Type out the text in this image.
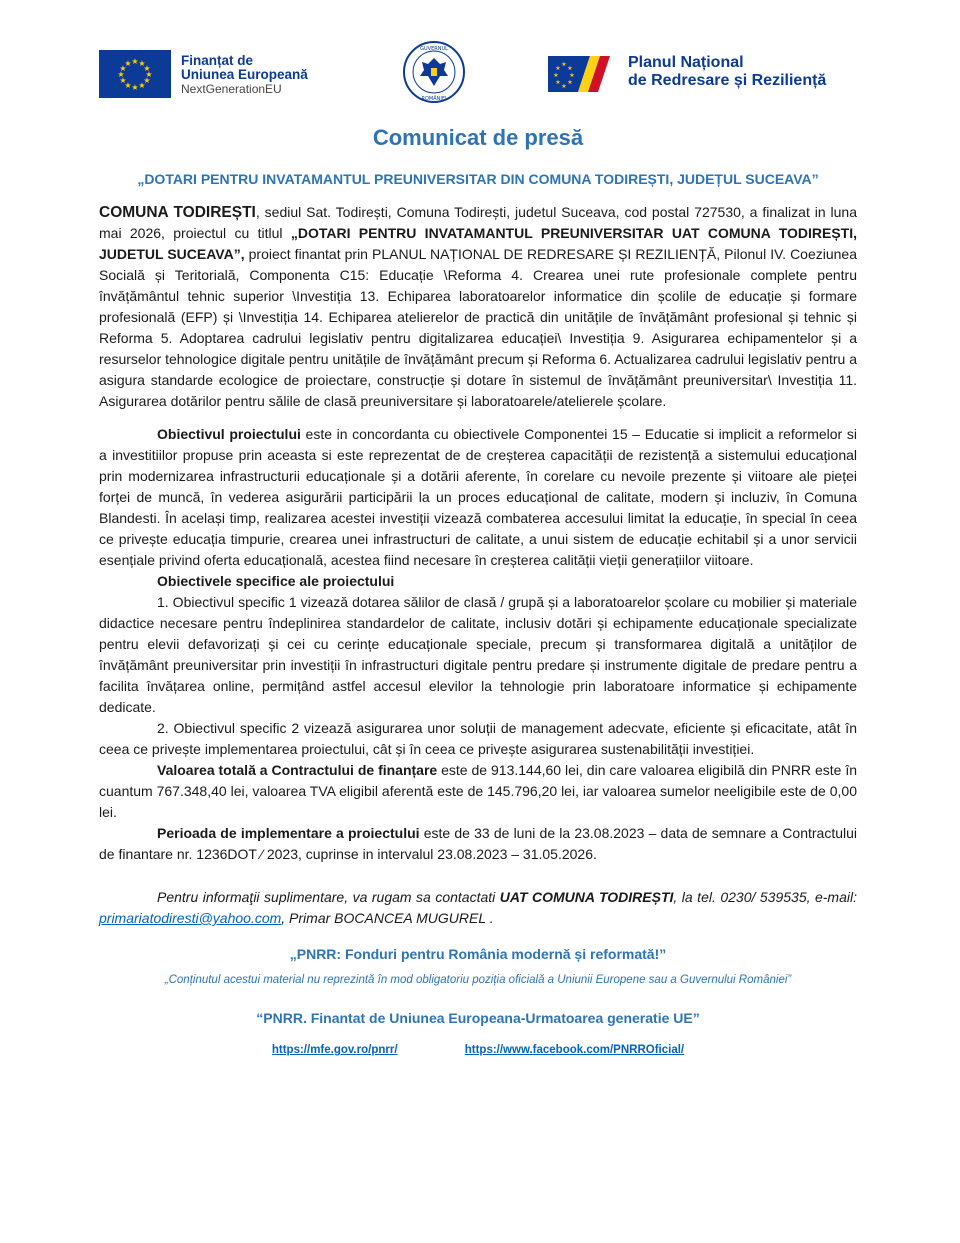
★ ★
★
★
★
★
★
★
★
★
★
★	Finanțat de
Uniunea Europeană
NextGenerationEU
GUVERNUL
ROMÂNIEI
★
★
★
★
★
★
★
★	Planul Național
de Redresare și Reziliență
Comunicat de presă
„DOTARI PENTRU INVATAMANTUL PREUNIVERSITAR DIN COMUNA TODIREȘTI, JUDEȚUL SUCEAVA”

COMUNA TODIREȘTI, sediul Sat. Todirești, Comuna Todirești, judetul Suceava, cod postal 727530, a finalizat in luna mai 2026, proiectul cu titlul „DOTARI PENTRU INVATAMANTUL PREUNIVERSITAR UAT COMUNA TODIREȘTI, JUDETUL SUCEAVA”, proiect finantat prin PLANUL NAȚIONAL DE REDRESARE ȘI REZILIENȚĂ, Pilonul IV. Coeziunea Socială și Teritorială, Componenta C15: Educație \Reforma 4. Crearea unei rute profesionale complete pentru învățământul tehnic superior \Investiția 13. Echiparea laboratoarelor informatice din școlile de educație și formare profesională (EFP) și \Investiția 14. Echiparea atelierelor de practică din unitățile de învățământ profesional și tehnic și Reforma 5. Adoptarea cadrului legislativ pentru digitalizarea educației\ Investiția 9. Asigurarea echipamentelor și a resurselor tehnologice digitale pentru unitățile de învățământ precum și Reforma 6. Actualizarea cadrului legislativ pentru a asigura standarde ecologice de proiectare, construcție și dotare în sistemul de învățământ preuniversitar\ Investiția 11. Asigurarea dotărilor pentru sălile de clasă preuniversitare și laboratoarele/atelierele școlare.

Obiectivul proiectului este in concordanta cu obiectivele Componentei 15 – Educatie si implicit a reformelor si a investitiilor propuse prin aceasta si este reprezentat de de creșterea capacității de rezistență a sistemului educațional prin modernizarea infrastructurii educaționale și a dotării aferente, în corelare cu nevoile prezente și viitoare ale pieței forței de muncă, în vederea asigurării participării la un proces educațional de calitate, modern și incluziv, în Comuna Blandesti. În același timp, realizarea acestei investiții vizează combaterea accesului limitat la educație, în special în ceea ce privește educația timpurie, crearea unei infrastructuri de calitate, a unui sistem de educație echitabil și a unor servicii esențiale privind oferta educațională, acestea fiind necesare în creșterea calității vieții generațiilor viitoare.

Obiectivele specifice ale proiectului

1. Obiectivul specific 1 vizează dotarea sălilor de clasă / grupă și a laboratoarelor școlare cu mobilier și materiale didactice necesare pentru îndeplinirea standardelor de calitate, inclusiv dotări și echipamente educaționale specializate pentru elevii defavorizați și cei cu cerințe educaționale speciale, precum și transformarea digitală a unităților de învățământ preuniversitar prin investiții în infrastructuri digitale pentru predare și instrumente digitale de predare pentru a facilita învățarea online, permițând astfel accesul elevilor la tehnologie prin laboratoare informatice și echipamente dedicate.

2. Obiectivul specific 2 vizează asigurarea unor soluții de management adecvate, eficiente și eficacitate, atât în ceea ce privește implementarea proiectului, cât și în ceea ce privește asigurarea sustenabilității investiției.

Valoarea totală a Contractului de finanțare este de 913.144,60 lei, din care valoarea eligibilă din PNRR este în cuantum 767.348,40 lei, valoarea TVA eligibil aferentă este de 145.796,20 lei, iar valoarea sumelor neeligibile este de 0,00 lei.

Perioada de implementare a proiectului este de 33 de luni de la 23.08.2023 – data de semnare a Contractului de finantare nr. 1236DOT ⁄ 2023, cuprinse in intervalul 23.08.2023 – 31.05.2026.

Pentru informaţii suplimentare, va rugam sa contactati UAT COMUNA TODIREȘTI, la tel. 0230/ 539535, e-mail: primariatodiresti@yahoo.com, Primar BOCANCEA MUGUREL .

„PNRR: Fonduri pentru România modernă și reformată!”
„Conținutul acestui material nu reprezintă în mod obligatoriu poziția oficială a Uniunii Europene sau a Guvernului României”
“PNRR. Finantat de Uniunea Europeana-Urmatoarea generatie UE”
https://mfe.gov.ro/pnrr/	https://www.facebook.com/PNRROficial/
